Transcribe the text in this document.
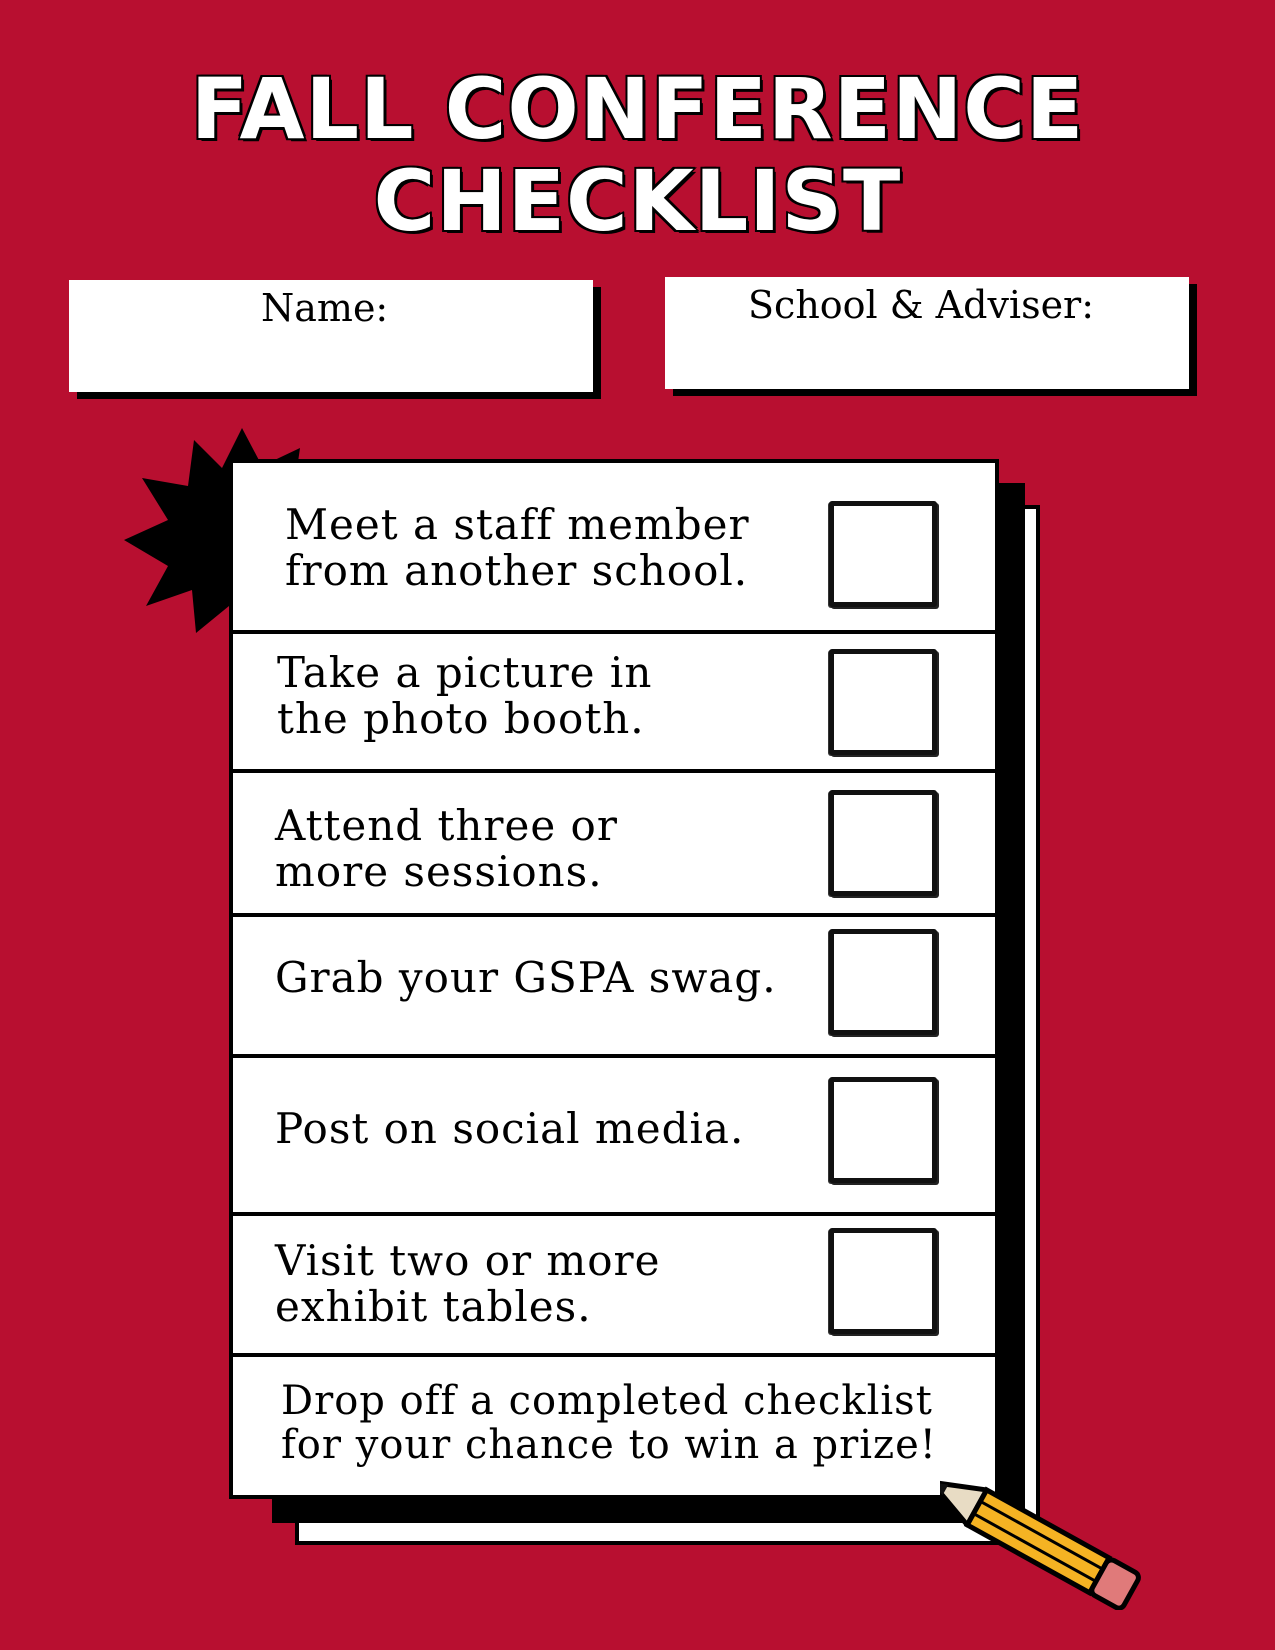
FALL CONFERENCE
CHECKLIST
Name:	School & Adviser:
Meet a staff member
from another school.
Take a picture in
the photo booth.
Attend three or
more sessions.
Grab your GSPA swag.
Post on social media.
Visit two or more
exhibit tables.
Drop off a completed checklist
for your chance to win a prize!
